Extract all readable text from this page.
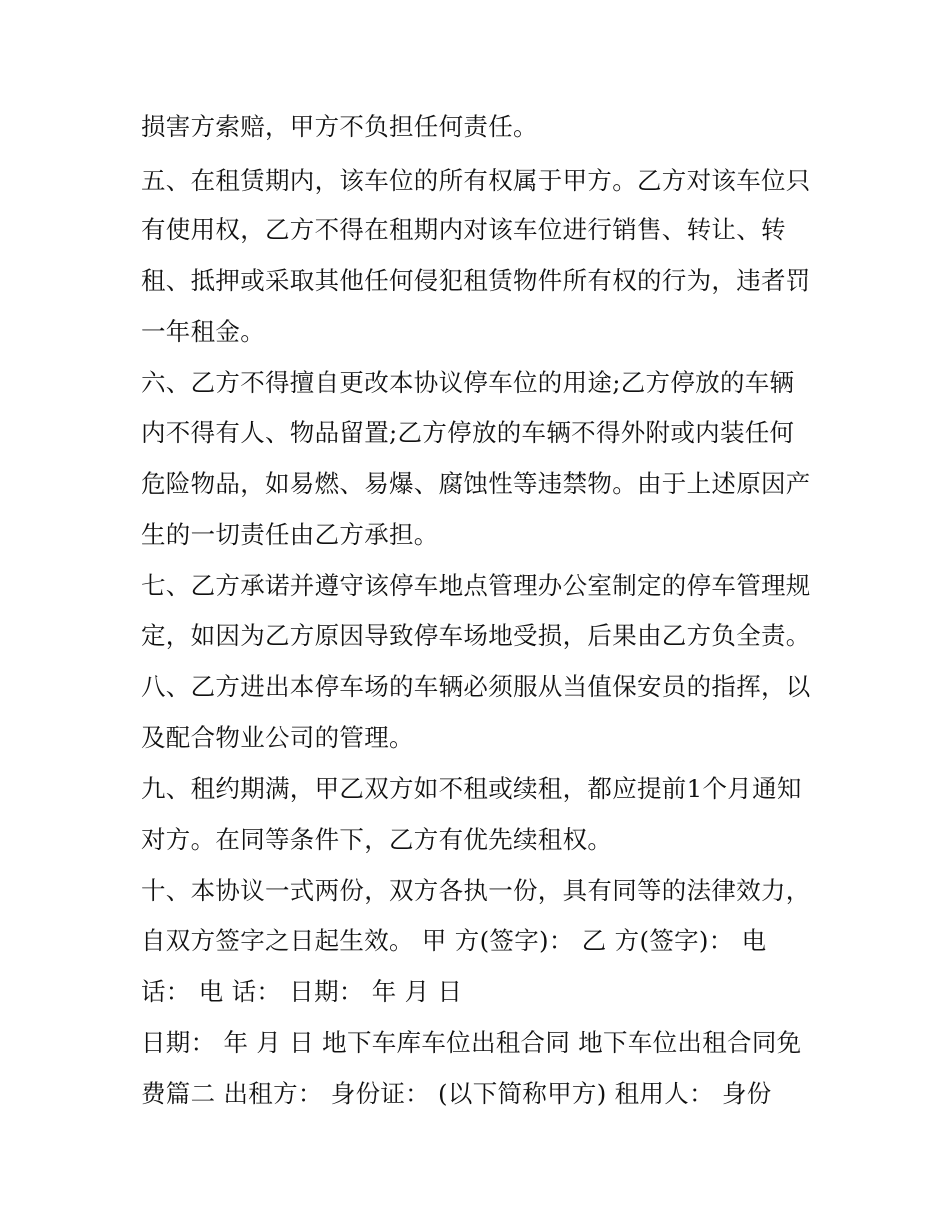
损害方索赔，甲方不负担任何责任。
五、在租赁期内，该车位的所有权属于甲方。乙方对该车位只
有使用权，乙方不得在租期内对该车位进行销售、转让、转
租、抵押或采取其他任何侵犯租赁物件所有权的行为，违者罚
一年租金。
六、乙方不得擅自更改本协议停车位的用途;乙方停放的车辆
内不得有人、物品留置;乙方停放的车辆不得外附或内装任何
危险物品，如易燃、易爆、腐蚀性等违禁物。由于上述原因产
生的一切责任由乙方承担。
七、乙方承诺并遵守该停车地点管理办公室制定的停车管理规
定，如因为乙方原因导致停车场地受损，后果由乙方负全责。
八、乙方进出本停车场的车辆必须服从当值保安员的指挥，以
及配合物业公司的管理。
九、租约期满，甲乙双方如不租或续租，都应提前1个月通知
对方。在同等条件下，乙方有优先续租权。
十、本协议一式两份，双方各执一份，具有同等的法律效力，
自双方签字之日起生效。 甲 方(签字)： 乙 方(签字)： 电
话： 电 话： 日期： 年 月 日
日期： 年 月 日 地下车库车位出租合同 地下车位出租合同免
费篇二 出租方： 身份证： (以下简称甲方) 租用人： 身份
